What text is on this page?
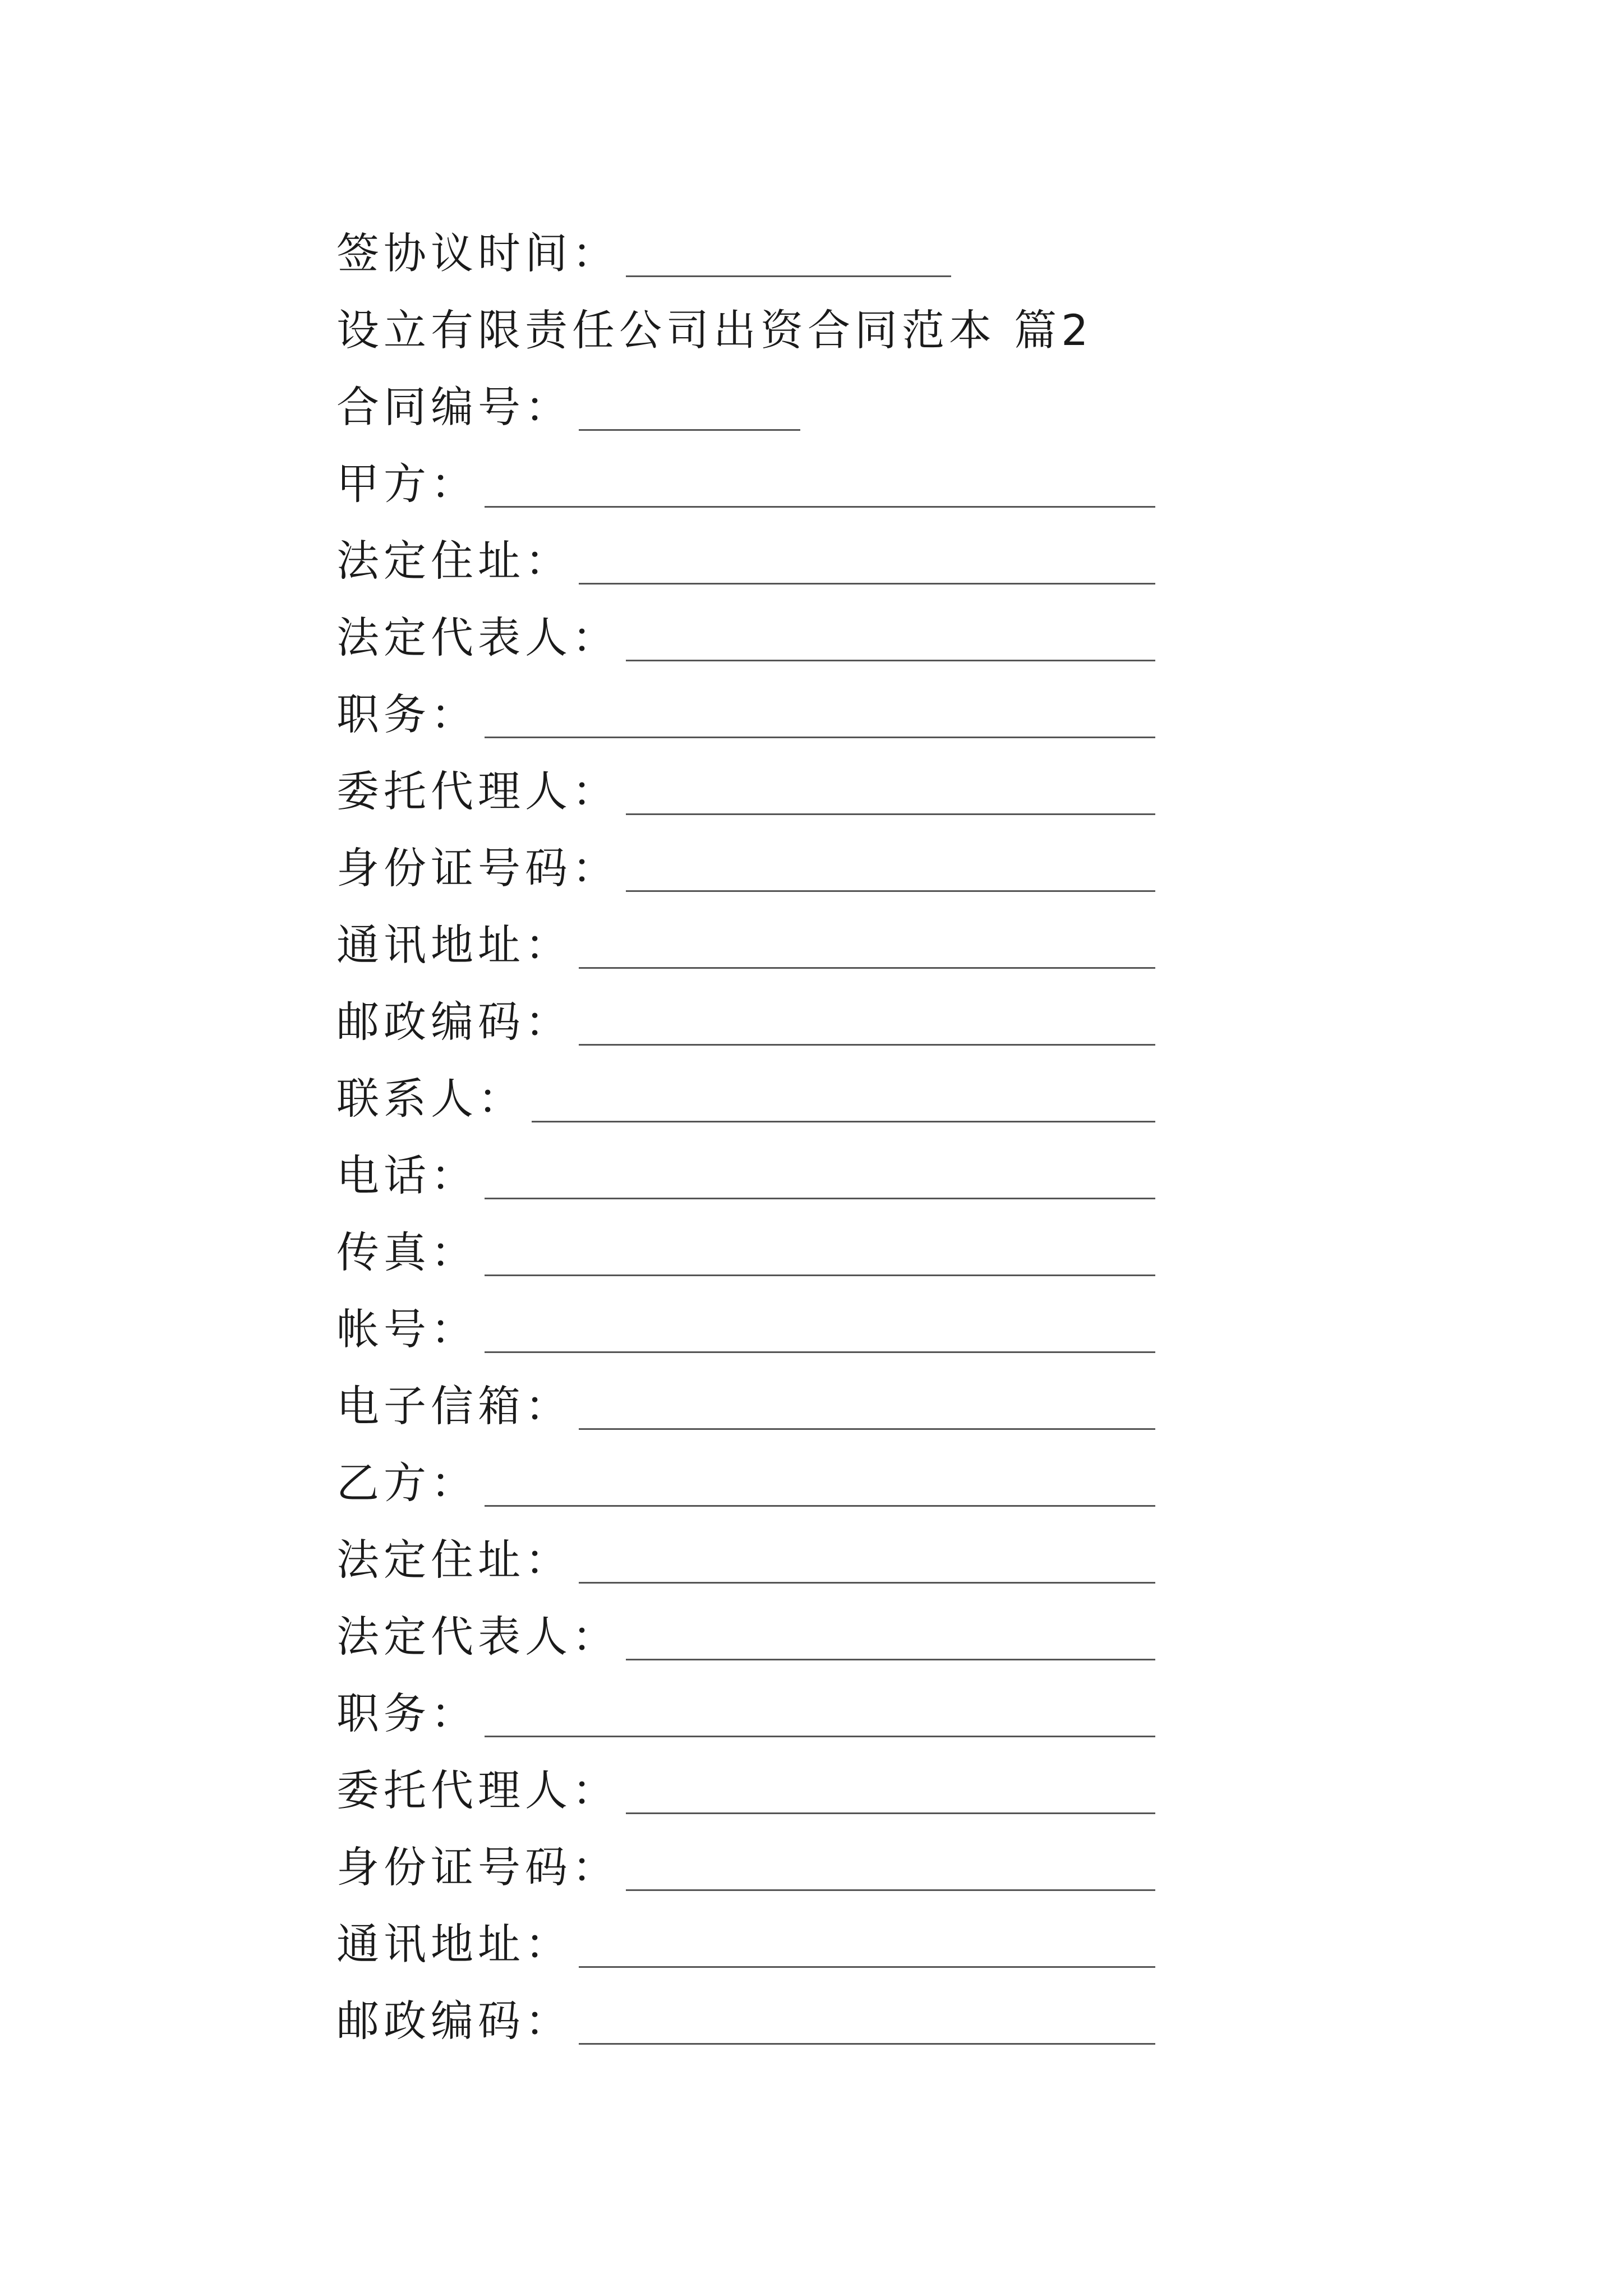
签协议时间：
设立有限责任公司出资合同范本 篇2
合同编号：
甲方：
法定住址：
法定代表人：
职务：
委托代理人：
身份证号码：
通讯地址：
邮政编码：
联系人：
电话：
传真：
帐号：
电子信箱：
乙方：
法定住址：
法定代表人：
职务：
委托代理人：
身份证号码：
通讯地址：
邮政编码：
